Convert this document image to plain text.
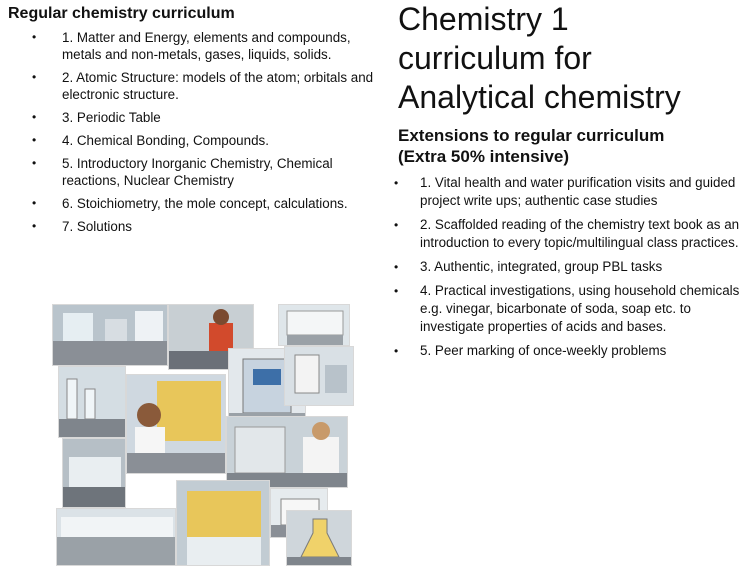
Regular chemistry curriculum
• 1. Matter and Energy, elements and compounds, metals and non-metals, gases, liquids, solids.
• 2. Atomic Structure: models of the atom; orbitals and electronic structure.
• 3. Periodic Table
• 4. Chemical Bonding, Compounds.
• 5. Introductory Inorganic Chemistry, Chemical reactions, Nuclear Chemistry
• 6. Stoichiometry, the mole concept, calculations.
• 7. Solutions
Chemistry 1
curriculum for
Analytical chemistry
Extensions to regular curriculum
(Extra 50% intensive)
• 1. Vital health and water purification visits and guided project write ups; authentic case studies
• 2. Scaffolded reading of the chemistry text book as an introduction to every topic/multilingual class practices.
• 3. Authentic, integrated, group PBL tasks
• 4. Practical investigations, using household chemicals e.g. vinegar, bicarbonate of soda, soap etc. to investigate properties of acids and bases.
• 5. Peer marking of once-weekly problems
